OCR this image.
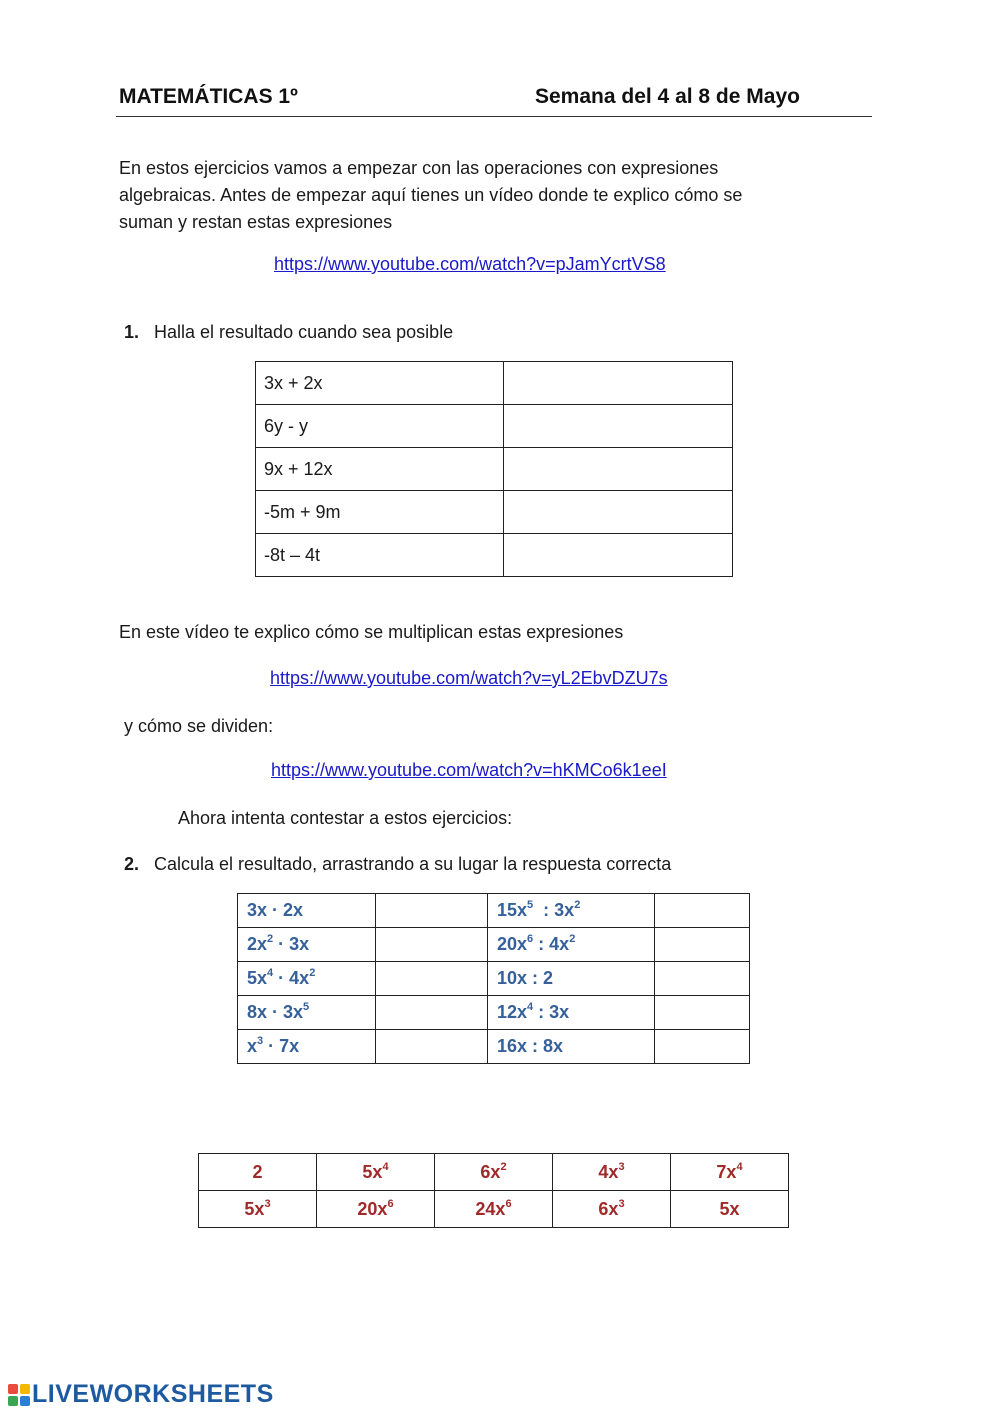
MATEMÁTICAS 1º	Semana del 4 al 8 de Mayo
En estos ejercicios vamos a empezar con las operaciones con expresiones
algebraicas. Antes de empezar aquí tienes un vídeo donde te explico cómo se
suman y restan estas expresiones
https://www.youtube.com/watch?v=pJamYcrtVS8
1. Halla el resultado cuando sea posible
3x + 2x	
6y - y	
9x + 12x	
-5m + 9m	
-8t – 4t	
En este vídeo te explico cómo se multiplican estas expresiones
https://www.youtube.com/watch?v=yL2EbvDZU7s
y cómo se dividen:
https://www.youtube.com/watch?v=hKMCo6k1eeI
Ahora intenta contestar a estos ejercicios:
2. Calcula el resultado, arrastrando a su lugar la respuesta correcta
3x · 2x		$15x^5$  : $3x^2$	
$2x^2 \cdot 3x$		$20x^6$ : $4x^2$	
$5x^4 \cdot 4x^2$		10x : 2	
$8x \cdot 3x^5$		$12x^4$ : 3x	
$x^3 \cdot 7x$		16x : 8x	
2	$5x^4$	$6x^2$	$4x^3$	$7x^4$
$5x^3$	$20x^6$	$24x^6$	$6x^3$	5x
LIVEWORKSHEETS
